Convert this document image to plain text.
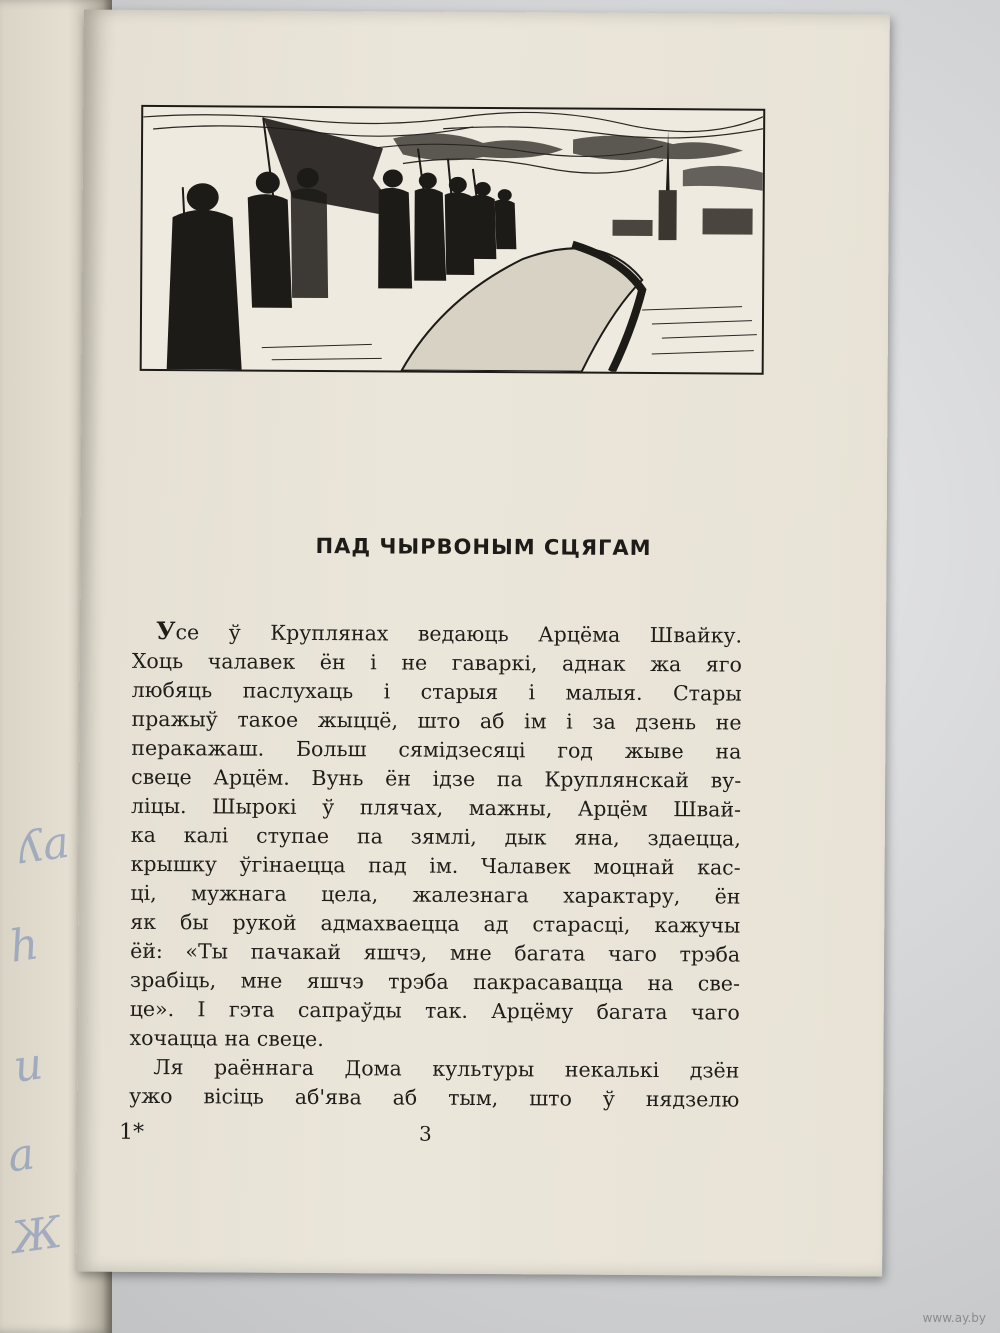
ʎa
h
u
a
Ж
ПАД ЧЫРВОНЫМ СЦЯГАМ
Усе ў Круплянах ведаюць Арцёма Швайку.
Хоць чалавек ён і не гаваркі, аднак жа яго
любяць паслухаць і старыя і малыя. Стары
пражыў такое жыццё, што аб ім і за дзень не
перакажаш. Больш сямідзесяці год жыве на
свеце Арцём. Вунь ён ідзе па Круплянскай ву-
ліцы. Шырокі ў плячах, мажны, Арцём Швай-
ка калі ступае па зямлі, дык яна, здаецца,
крышку ўгінаецца пад ім. Чалавек моцнай кас-
ці, мужнага цела, жалезнага характару, ён
як бы рукой адмахваецца ад старасці, кажучы
ёй: «Ты пачакай яшчэ, мне багата чаго трэба
зрабіць, мне яшчэ трэба пакрасавацца на све-
це». І гэта сапраўды так. Арцёму багата чаго
хочацца на свеце.
Ля раённага Дома культуры некалькі дзён
ужо вісіць аб'ява аб тым, што ў нядзелю
1*	3
www.ay.by
